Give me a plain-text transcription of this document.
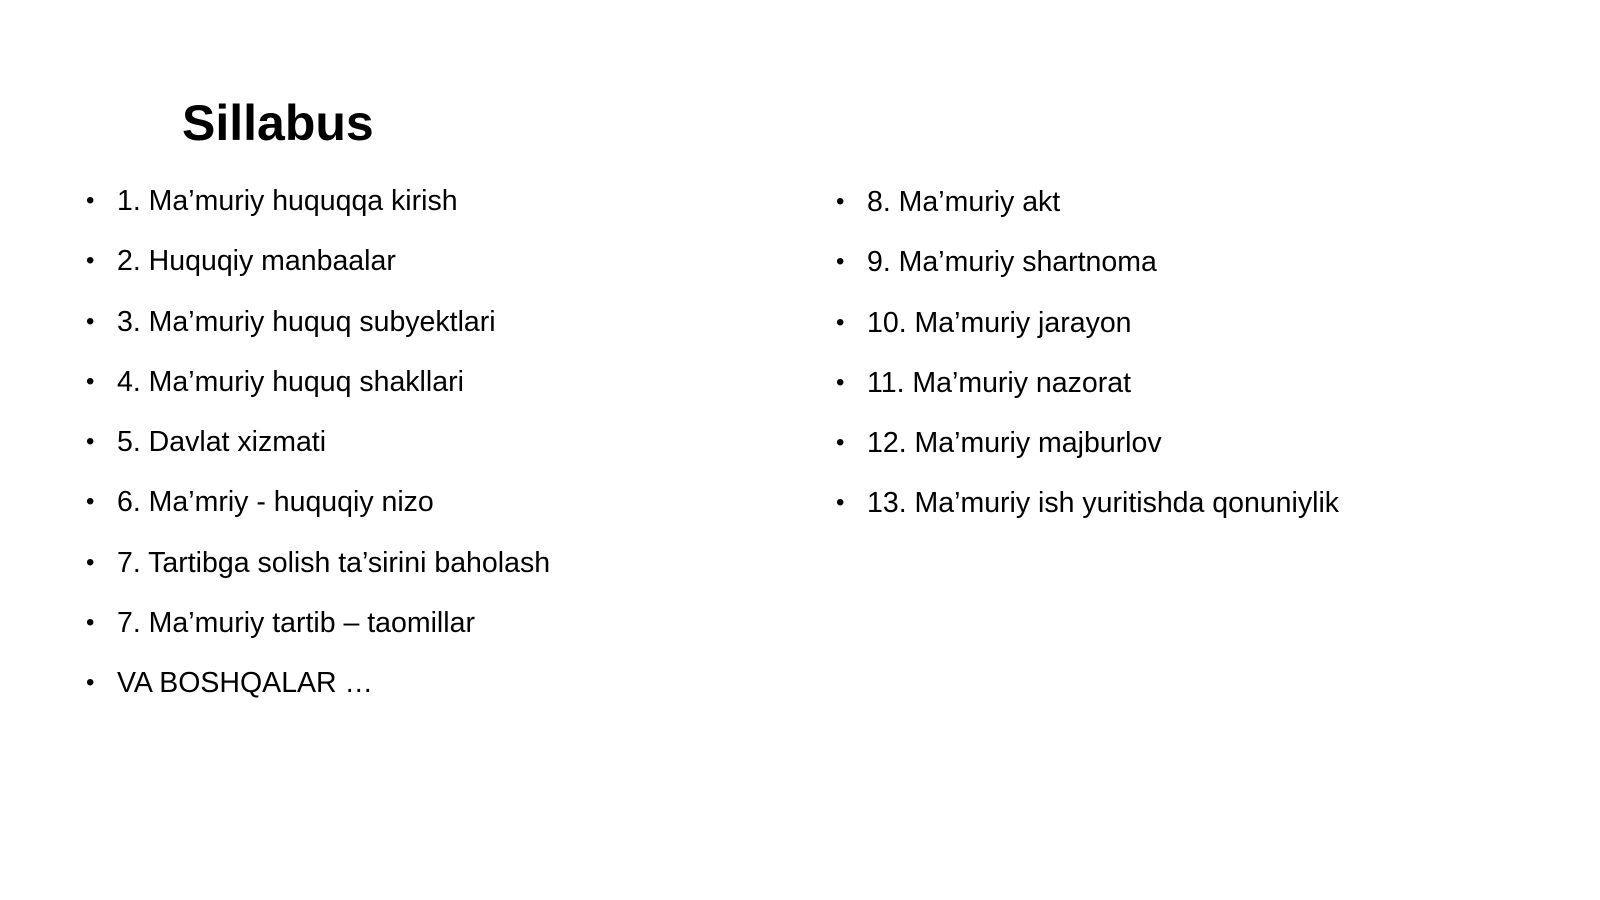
Sillabus
• 1. Ma’muriy huquqqa kirish
• 2. Huquqiy manbaalar
• 3. Ma’muriy huquq subyektlari
• 4. Ma’muriy huquq shakllari
• 5. Davlat xizmati
• 6. Ma’mriy - huquqiy nizo
• 7. Tartibga solish ta’sirini baholash
• 7. Ma’muriy tartib – taomillar
• VA BOSHQALAR …
• 8. Ma’muriy akt
• 9. Ma’muriy shartnoma
• 10. Ma’muriy jarayon
• 11. Ma’muriy nazorat
• 12. Ma’muriy majburlov
• 13. Ma’muriy ish yuritishda qonuniylik
